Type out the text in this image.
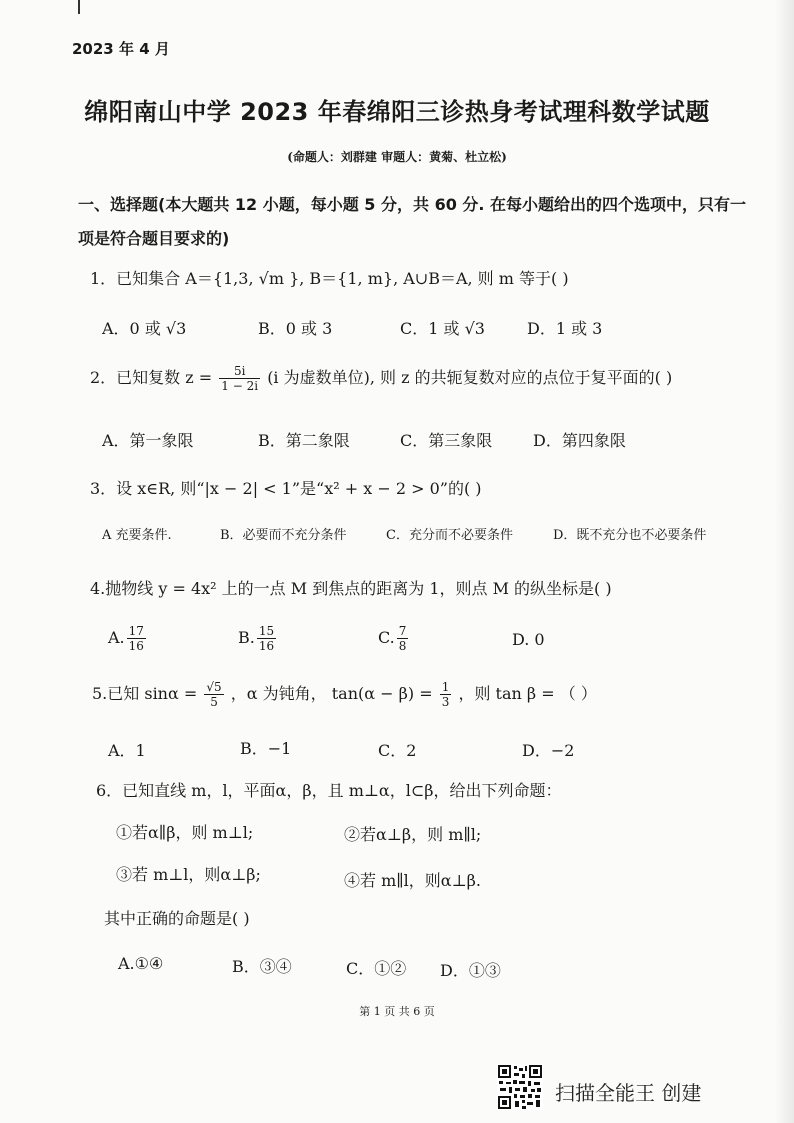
2023 年 4 月
绵阳南山中学 2023 年春绵阳三诊热身考试理科数学试题
(命题人：刘群建 审题人：黄菊、杜立松)
一、选择题(本大题共 12 小题，每小题 5 分，共 60 分. 在每小题给出的四个选项中，只有一项是符合题目要求的)
1．已知集合 A＝{1,3, √m }, B＝{1, m}, A∪B＝A, 则 m 等于( )
A．0 或 √3	B．0 或 3	C．1 或 √3	D．1 或 3
2．已知复数 $z = \frac{5i}{1 - 2i} (i$ 为虚数单位), 则 z 的共轭复数对应的点位于复平面的( )
A．第一象限	B．第二象限	C．第三象限	D．第四象限
3．设 x∈R, 则“|x − 2| < 1”是“x² + x − 2 > 0”的( )
A 充要条件.	B．必要而不充分条件	C．充分而不必要条件	D．既不充分也不必要条件
4.抛物线 y = 4x² 上的一点 M 到焦点的距离为 1，则点 M 的纵坐标是( )
A. $\frac{17}{16}$	B. $\frac{15}{16}$	C. $\frac{7}{8}$	D. 0
5.已知 $\sin\alpha = \frac{√5}{5}$ ，α 为钝角， $\tan(\alpha - \beta) = \frac{1}{3}$ ，则 tan β = （ ）
A．1	B．−1	C．2	D．−2
6．已知直线 m，l，平面α，β，且 m⊥α，l⊂β，给出下列命题：
①若α∥β，则 m⊥l;	②若α⊥β，则 m∥l;
③若 m⊥l，则α⊥β;	④若 m∥l，则α⊥β.
其中正确的命题是( )
A.①④	B．③④	C．①② D．①③
第 1 页 共 6 页
扫描全能王 创建
